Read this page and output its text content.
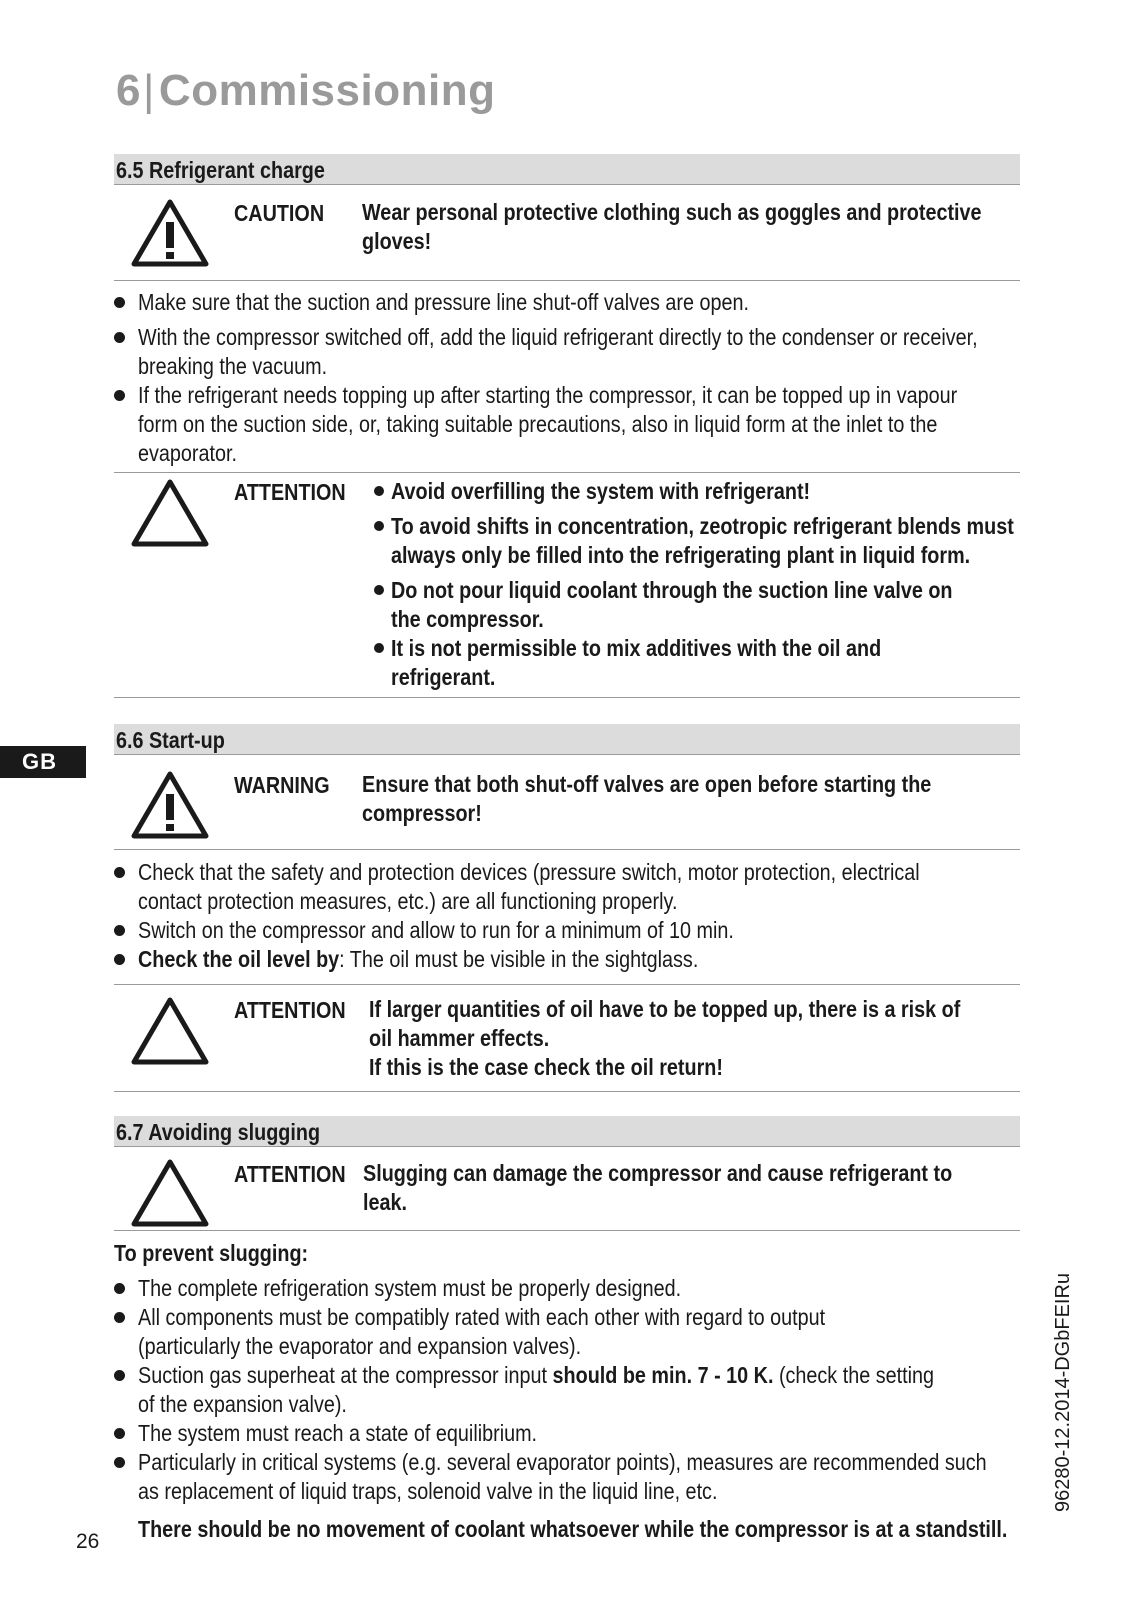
6|Commissioning
GB
6.5 Refrigerant charge
CAUTION Wear personal protective clothing such as goggles and protective
gloves!
Make sure that the suction and pressure line shut-off valves are open.
With the compressor switched off, add the liquid refrigerant directly to the condenser or receiver,
breaking the vacuum.
If the refrigerant needs topping up after starting the compressor, it can be topped up in vapour
form on the suction side, or, taking suitable precautions, also in liquid form at the inlet to the
evaporator.
ATTENTION Avoid overfilling the system with refrigerant!
To avoid shifts in concentration, zeotropic refrigerant blends must
always only be filled into the refrigerating plant in liquid form.
Do not pour liquid coolant through the suction line valve on
the compressor.
It is not permissible to mix additives with the oil and
refrigerant.
6.6 Start-up
WARNING Ensure that both shut-off valves are open before starting the
compressor!
Check that the safety and protection devices (pressure switch, motor protection, electrical
contact protection measures, etc.) are all functioning properly.
Switch on the compressor and allow to run for a minimum of 10 min.
Check the oil level by: The oil must be visible in the sightglass.
ATTENTION If larger quantities of oil have to be topped up, there is a risk of
oil hammer effects.
If this is the case check the oil return!
6.7 Avoiding slugging
ATTENTION Slugging can damage the compressor and cause refrigerant to
leak.
To prevent slugging:
The complete refrigeration system must be properly designed.
All components must be compatibly rated with each other with regard to output
(particularly the evaporator and expansion valves).
Suction gas superheat at the compressor input should be min. 7 - 10 K. (check the setting
of the expansion valve).
The system must reach a state of equilibrium.
Particularly in critical systems (e.g. several evaporator points), measures are recommended such
as replacement of liquid traps, solenoid valve in the liquid line, etc.
There should be no movement of coolant whatsoever while the compressor is at a standstill.
26
96280-12.2014-DGbFEIRu
